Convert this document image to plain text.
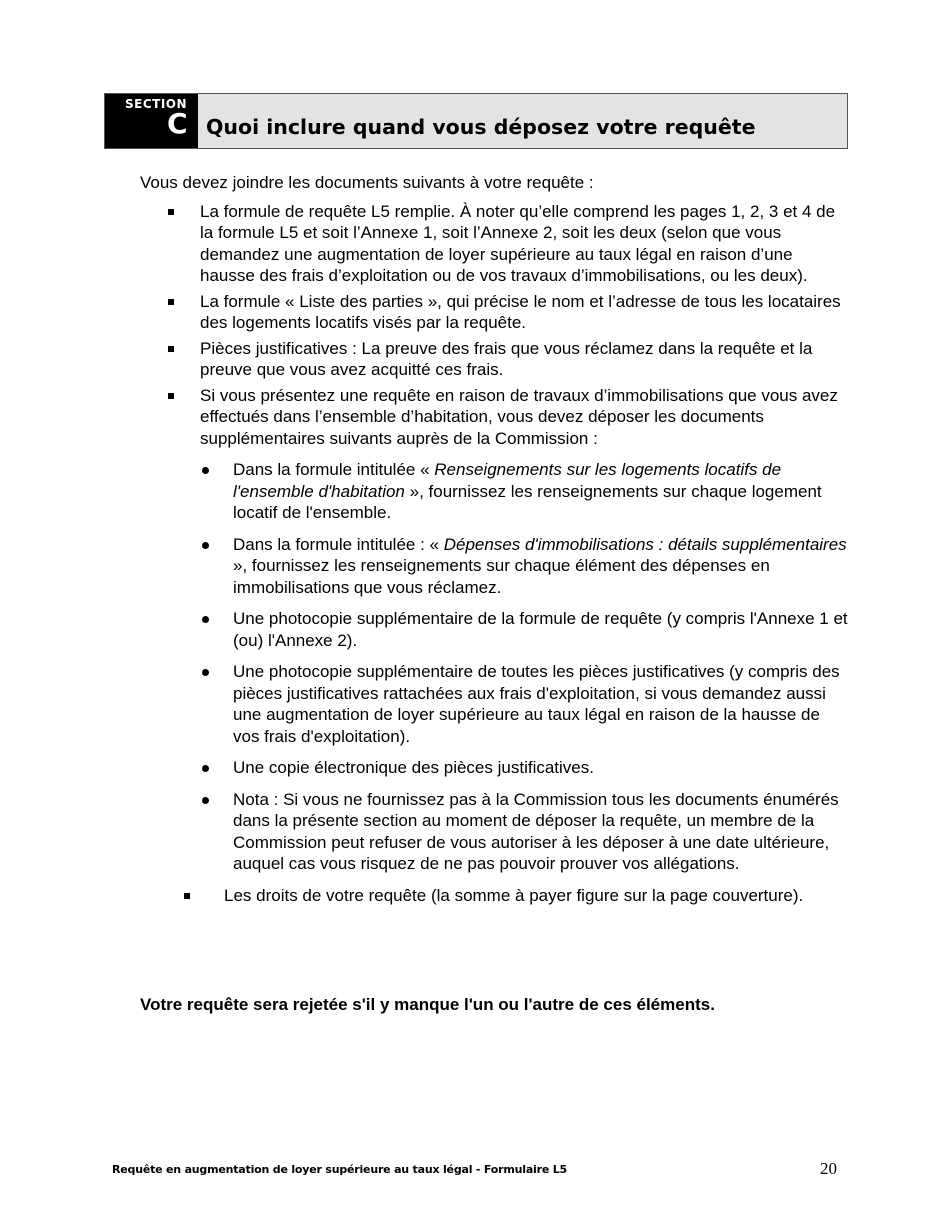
SECTION
C Quoi inclure quand vous déposez votre requête

Vous devez joindre les documents suivants à votre requête :

La formule de requête L5 remplie. À noter qu’elle comprend les pages 1, 2, 3 et 4 de la formule L5 et soit l’Annexe 1, soit l’Annexe 2, soit les deux (selon que vous demandez une augmentation de loyer supérieure au taux légal en raison d’une hausse des frais d’exploitation ou de vos travaux d’immobilisations, ou les deux).
La formule « Liste des parties », qui précise le nom et l’adresse de tous les locataires des logements locatifs visés par la requête.
Pièces justificatives : La preuve des frais que vous réclamez dans la requête et la preuve que vous avez acquitté ces frais.
Si vous présentez une requête en raison de travaux d’immobilisations que vous avez effectués dans l’ensemble d’habitation, vous devez déposer les documents supplémentaires suivants auprès de la Commission :
Dans la formule intitulée « Renseignements sur les logements locatifs de l'ensemble d'habitation », fournissez les renseignements sur chaque logement locatif de l'ensemble.
Dans la formule intitulée : « Dépenses d'immobilisations : détails supplémentaires », fournissez les renseignements sur chaque élément des dépenses en immobilisations que vous réclamez.
Une photocopie supplémentaire de la formule de requête (y compris l'Annexe 1 et (ou) l'Annexe 2).
Une photocopie supplémentaire de toutes les pièces justificatives (y compris des pièces justificatives rattachées aux frais d'exploitation, si vous demandez aussi une augmentation de loyer supérieure au taux légal en raison de la hausse de vos frais d'exploitation).
Une copie électronique des pièces justificatives.
Nota : Si vous ne fournissez pas à la Commission tous les documents énumérés dans la présente section au moment de déposer la requête, un membre de la Commission peut refuser de vous autoriser à les déposer à une date ultérieure, auquel cas vous risquez de ne pas pouvoir prouver vos allégations.
Les droits de votre requête (la somme à payer figure sur la page couverture).
Votre requête sera rejetée s'il y manque l'un ou l'autre de ces éléments.
Requête en augmentation de loyer supérieure au taux légal - Formulaire L5	20
